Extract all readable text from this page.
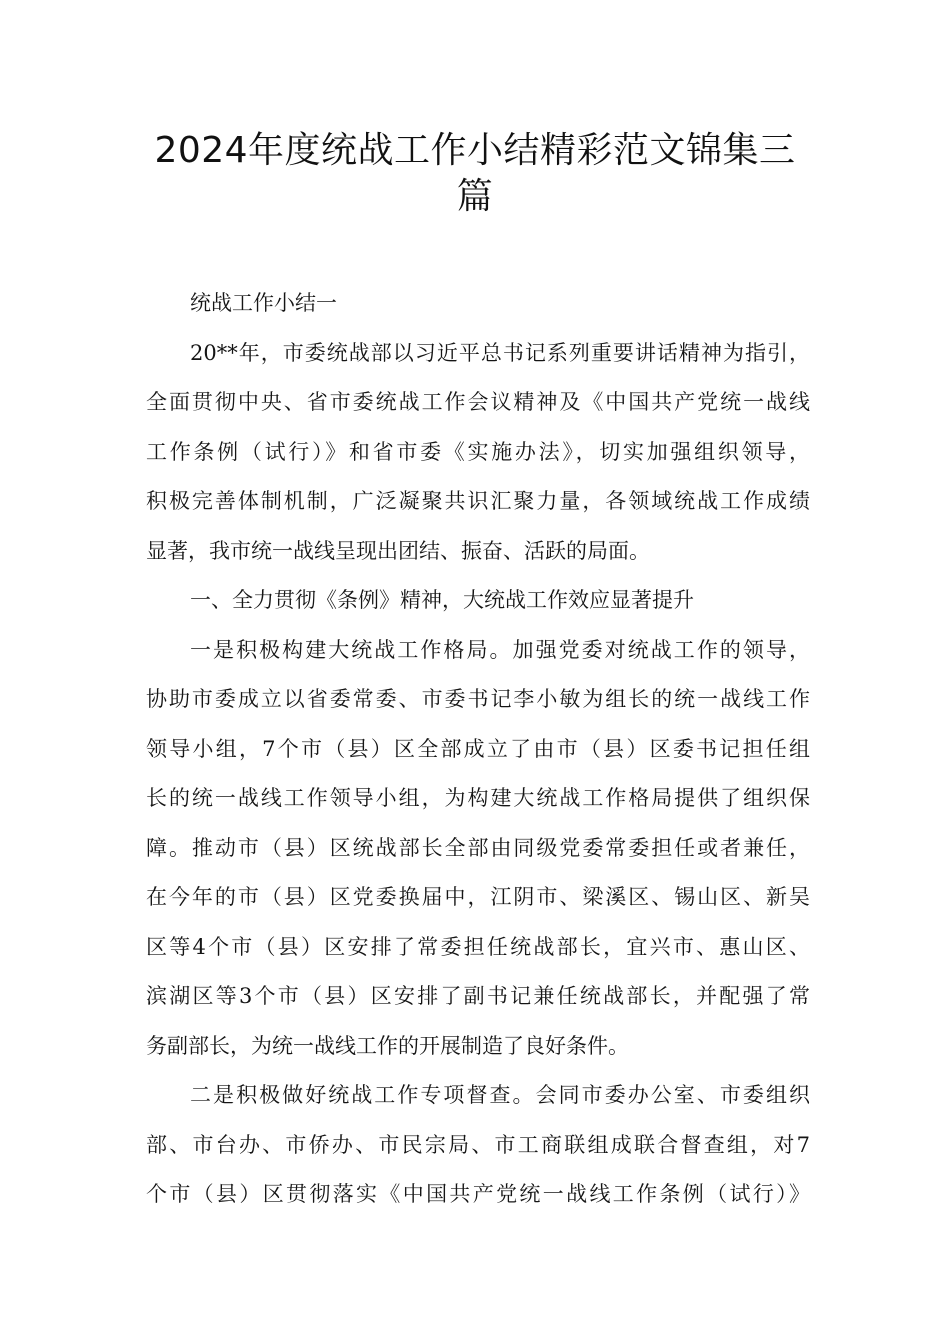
2024年度统战工作小结精彩范文锦集三
篇
统战工作小结一
20**年，市委统战部以习近平总书记系列重要讲话精神为指引，
全面贯彻中央、省市委统战工作会议精神及《中国共产党统一战线
工作条例（试行）》和省市委《实施办法》，切实加强组织领导，
积极完善体制机制，广泛凝聚共识汇聚力量，各领域统战工作成绩
显著，我市统一战线呈现出团结、振奋、活跃的局面。
一、全力贯彻《条例》精神，大统战工作效应显著提升
一是积极构建大统战工作格局。加强党委对统战工作的领导，
协助市委成立以省委常委、市委书记李小敏为组长的统一战线工作
领导小组，7个市（县）区全部成立了由市（县）区委书记担任组
长的统一战线工作领导小组，为构建大统战工作格局提供了组织保
障。推动市（县）区统战部长全部由同级党委常委担任或者兼任，
在今年的市（县）区党委换届中，江阴市、梁溪区、锡山区、新吴
区等4个市（县）区安排了常委担任统战部长，宜兴市、惠山区、
滨湖区等3个市（县）区安排了副书记兼任统战部长，并配强了常
务副部长，为统一战线工作的开展制造了良好条件。
二是积极做好统战工作专项督查。会同市委办公室、市委组织
部、市台办、市侨办、市民宗局、市工商联组成联合督查组，对7
个市（县）区贯彻落实《中国共产党统一战线工作条例（试行）》
